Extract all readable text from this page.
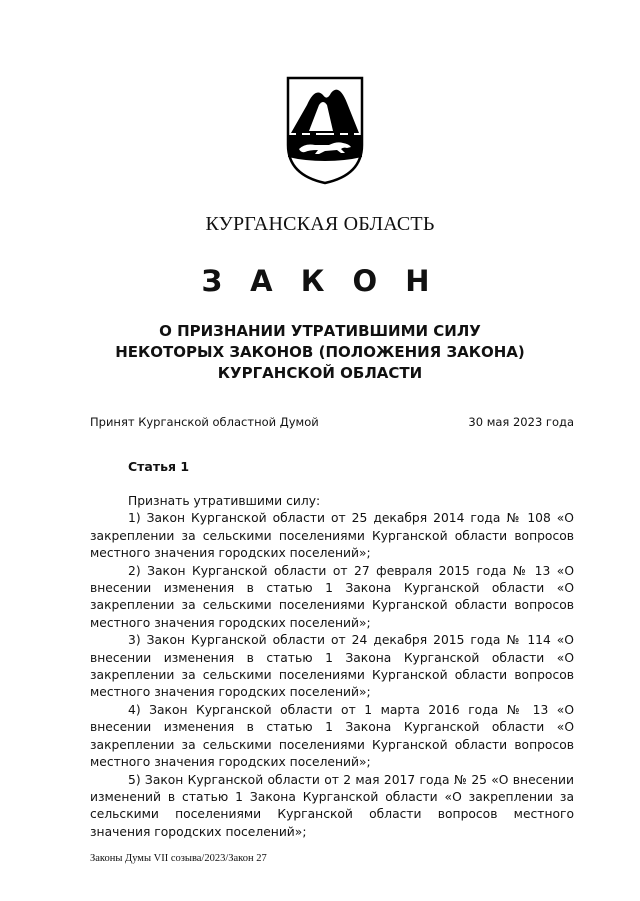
КУРГАНСКАЯ ОБЛАСТЬ
З А К О Н
О ПРИЗНАНИИ УТРАТИВШИМИ СИЛУ НЕКОТОРЫХ ЗАКОНОВ (ПОЛОЖЕНИЯ ЗАКОНА) КУРГАНСКОЙ ОБЛАСТИ
Принят Курганской областной Думой	30 мая 2023 года
Статья 1

Признать утратившими силу:

1) Закон Курганской области от 25 декабря 2014 года № 108 «О закреплении за сельскими поселениями Курганской области вопросов местного значения городских поселений»;

2) Закон Курганской области от 27 февраля 2015 года № 13 «О внесении изменения в статью 1 Закона Курганской области «О закреплении за сельскими поселениями Курганской области вопросов местного значения городских поселений»;

3) Закон Курганской области от 24 декабря 2015 года № 114 «О внесении изменения в статью 1 Закона Курганской области «О закреплении за сельскими поселениями Курганской области вопросов местного значения городских поселений»;

4) Закон Курганской области от 1 марта 2016 года № 13 «О внесении изменения в статью 1 Закона Курганской области «О закреплении за сельскими поселениями Курганской области вопросов местного значения городских поселений»;

5) Закон Курганской области от 2 мая 2017 года № 25 «О внесении изменений в статью 1 Закона Курганской области «О закреплении за сельскими поселениями Курганской области вопросов местного значения городских поселений»;

Законы Думы VII созыва/2023/Закон 27
